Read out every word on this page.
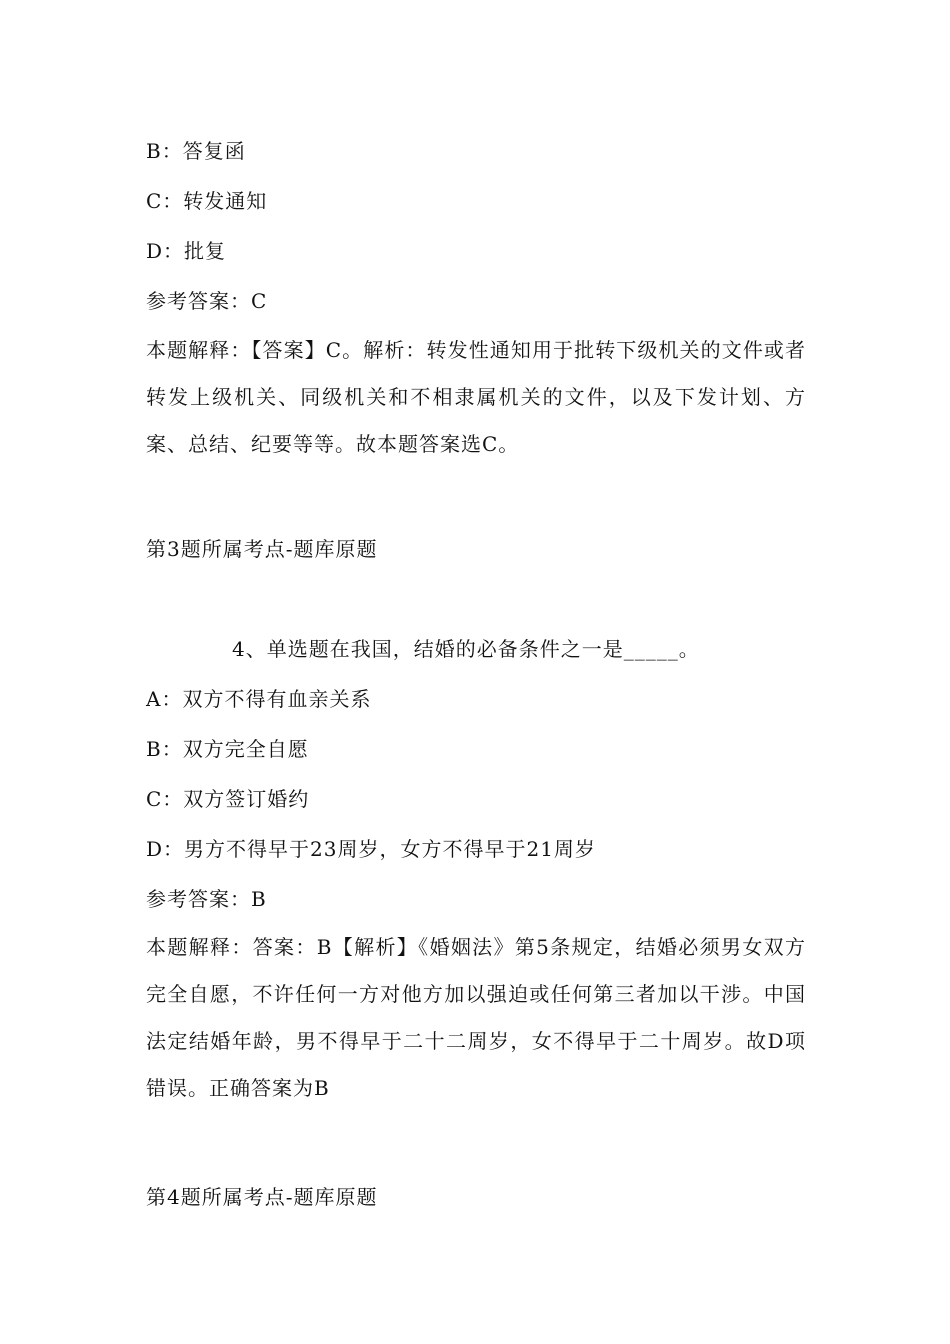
B：答复函
C：转发通知
D：批复
参考答案：C
本题解释：【答案】C。解析：转发性通知用于批转下级机关的文件或者转发上级机关、同级机关和不相隶属机关的文件，以及下发计划、方案、总结、纪要等等。故本题答案选C。
第3题所属考点-题库原题
4、单选题在我国，结婚的必备条件之一是_____。
A：双方不得有血亲关系
B：双方完全自愿
C：双方签订婚约
D：男方不得早于23周岁，女方不得早于21周岁
参考答案：B
本题解释：答案：B【解析】《婚姻法》第5条规定，结婚必须男女双方完全自愿，不许任何一方对他方加以强迫或任何第三者加以干涉。中国法定结婚年龄，男不得早于二十二周岁，女不得早于二十周岁。故D项错误。正确答案为B
第4题所属考点-题库原题
